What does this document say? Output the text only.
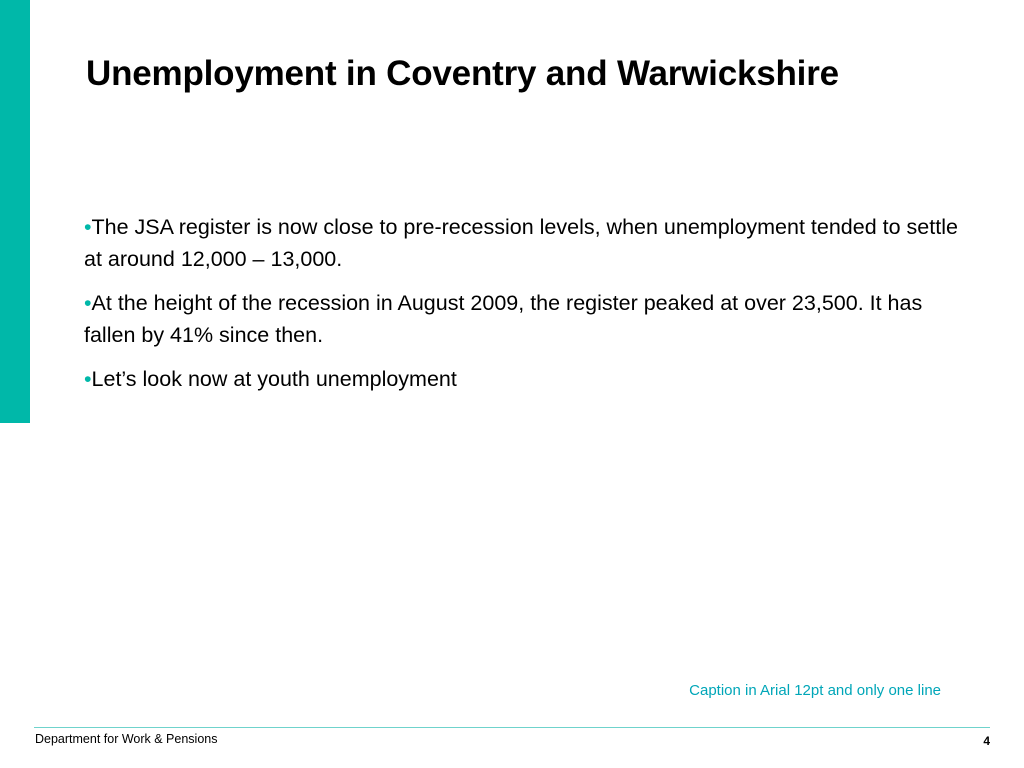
Unemployment in Coventry and Warwickshire
•The JSA register is now close to pre-recession levels, when unemployment tended to settle at around 12,000 – 13,000.
•At the height of the recession in August 2009, the register peaked at over 23,500. It has fallen by 41% since then.
•Let’s look now at youth unemployment
Caption in Arial 12pt and only one line
Department for Work & Pensions	4
